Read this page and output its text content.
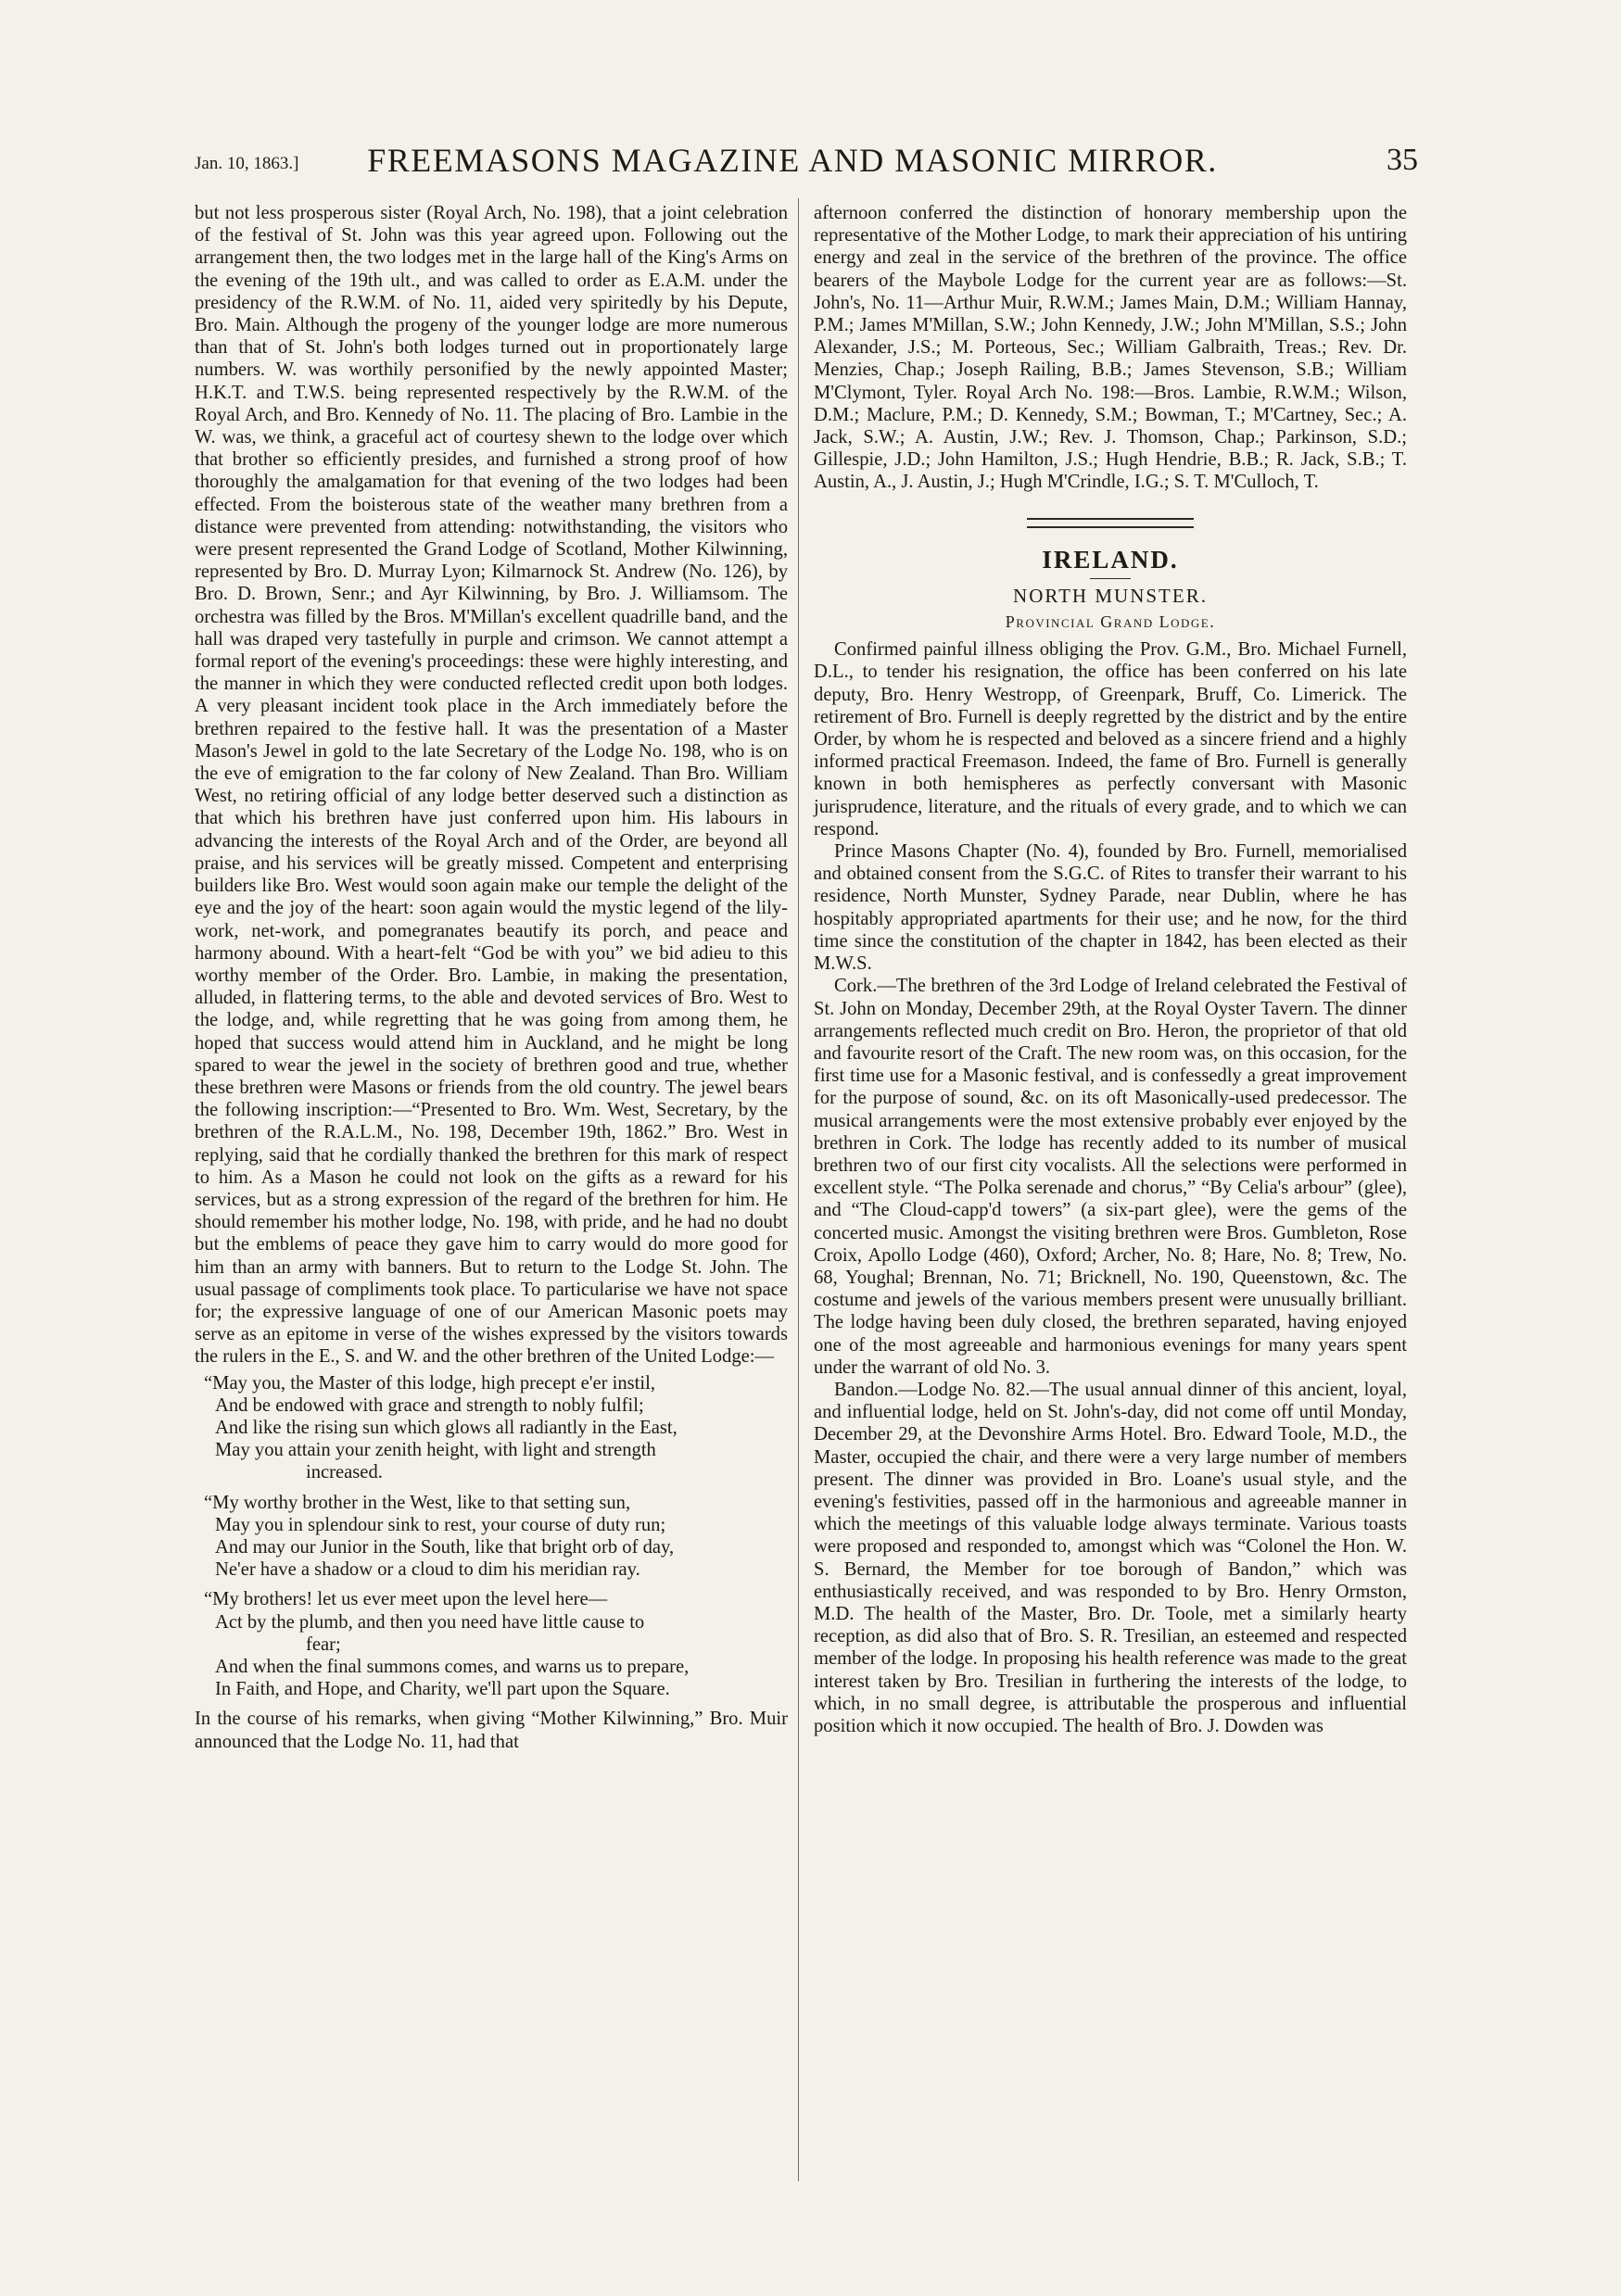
Jan. 10, 1863.]	FREEMASONS MAGAZINE AND MASONIC MIRROR.	35

but not less prosperous sister (Royal Arch, No. 198), that a joint celebration of the festival of St. John was this year agreed upon. Following out the arrangement then, the two lodges met in the large hall of the King's Arms on the evening of the 19th ult., and was called to order as E.A.M. under the presidency of the R.W.M. of No. 11, aided very spiritedly by his Depute, Bro. Main. Although the progeny of the younger lodge are more numerous than that of St. John's both lodges turned out in proportionately large numbers. W. was worthily personified by the newly appointed Master; H.K.T. and T.W.S. being represented respectively by the R.W.M. of the Royal Arch, and Bro. Kennedy of No. 11. The placing of Bro. Lambie in the W. was, we think, a graceful act of courtesy shewn to the lodge over which that brother so efficiently presides, and furnished a strong proof of how thoroughly the amalgamation for that evening of the two lodges had been effected. From the boisterous state of the weather many brethren from a distance were prevented from attending: notwithstanding, the visitors who were present represented the Grand Lodge of Scotland, Mother Kilwinning, represented by Bro. D. Murray Lyon; Kilmarnock St. Andrew (No. 126), by Bro. D. Brown, Senr.; and Ayr Kilwinning, by Bro. J. Williamsom. The orchestra was filled by the Bros. M'Millan's excellent quadrille band, and the hall was draped very tastefully in purple and crimson. We cannot attempt a formal report of the evening's proceedings: these were highly interesting, and the manner in which they were conducted reflected credit upon both lodges. A very pleasant incident took place in the Arch immediately before the brethren repaired to the festive hall. It was the presentation of a Master Mason's Jewel in gold to the late Secretary of the Lodge No. 198, who is on the eve of emigration to the far colony of New Zealand. Than Bro. William West, no retiring official of any lodge better deserved such a distinction as that which his brethren have just conferred upon him. His labours in advancing the interests of the Royal Arch and of the Order, are beyond all praise, and his services will be greatly missed. Competent and enterprising builders like Bro. West would soon again make our temple the delight of the eye and the joy of the heart: soon again would the mystic legend of the lily-work, net-work, and pomegranates beautify its porch, and peace and harmony abound. With a heart-felt “God be with you” we bid adieu to this worthy member of the Order. Bro. Lambie, in making the presentation, alluded, in flattering terms, to the able and devoted services of Bro. West to the lodge, and, while regretting that he was going from among them, he hoped that success would attend him in Auckland, and he might be long spared to wear the jewel in the society of brethren good and true, whether these brethren were Masons or friends from the old country. The jewel bears the following inscription:—“Presented to Bro. Wm. West, Secretary, by the brethren of the R.A.L.M., No. 198, December 19th, 1862.” Bro. West in replying, said that he cordially thanked the brethren for this mark of respect to him. As a Mason he could not look on the gifts as a reward for his services, but as a strong expression of the regard of the brethren for him. He should remember his mother lodge, No. 198, with pride, and he had no doubt but the emblems of peace they gave him to carry would do more good for him than an army with banners. But to return to the Lodge St. John. The usual passage of compliments took place. To particularise we have not space for; the expressive language of one of our American Masonic poets may serve as an epitome in verse of the wishes expressed by the visitors towards the rulers in the E., S. and W. and the other brethren of the United Lodge:—

“May you, the Master of this lodge, high precept e'er instil,
And be endowed with grace and strength to nobly fulfil;
And like the rising sun which glows all radiantly in the East,
May you attain your zenith height, with light and strength
increased.
“My worthy brother in the West, like to that setting sun,
May you in splendour sink to rest, your course of duty run;
And may our Junior in the South, like that bright orb of day,
Ne'er have a shadow or a cloud to dim his meridian ray.
“My brothers! let us ever meet upon the level here—
Act by the plumb, and then you need have little cause to
fear;
And when the final summons comes, and warns us to prepare,
In Faith, and Hope, and Charity, we'll part upon the Square.

In the course of his remarks, when giving “Mother Kilwinning,” Bro. Muir announced that the Lodge No. 11, had that

afternoon conferred the distinction of honorary membership upon the representative of the Mother Lodge, to mark their appreciation of his untiring energy and zeal in the service of the brethren of the province. The office bearers of the Maybole Lodge for the current year are as follows:—St. John's, No. 11—Arthur Muir, R.W.M.; James Main, D.M.; William Hannay, P.M.; James M'Millan, S.W.; John Kennedy, J.W.; John M'Millan, S.S.; John Alexander, J.S.; M. Porteous, Sec.; William Galbraith, Treas.; Rev. Dr. Menzies, Chap.; Joseph Railing, B.B.; James Stevenson, S.B.; William M'Clymont, Tyler. Royal Arch No. 198:—Bros. Lambie, R.W.M.; Wilson, D.M.; Maclure, P.M.; D. Kennedy, S.M.; Bowman, T.; M'Cartney, Sec.; A. Jack, S.W.; A. Austin, J.W.; Rev. J. Thomson, Chap.; Parkinson, S.D.; Gillespie, J.D.; John Hamilton, J.S.; Hugh Hendrie, B.B.; R. Jack, S.B.; T. Austin, A., J. Austin, J.; Hugh M'Crindle, I.G.; S. T. M'Culloch, T.

IRELAND.
NORTH MUNSTER.
Provincial Grand Lodge.

Confirmed painful illness obliging the Prov. G.M., Bro. Michael Furnell, D.L., to tender his resignation, the office has been conferred on his late deputy, Bro. Henry Westropp, of Greenpark, Bruff, Co. Limerick. The retirement of Bro. Furnell is deeply regretted by the district and by the entire Order, by whom he is respected and beloved as a sincere friend and a highly informed practical Freemason. Indeed, the fame of Bro. Furnell is generally known in both hemispheres as perfectly conversant with Masonic jurisprudence, literature, and the rituals of every grade, and to which we can respond.

Prince Masons Chapter (No. 4), founded by Bro. Furnell, memorialised and obtained consent from the S.G.C. of Rites to transfer their warrant to his residence, North Munster, Sydney Parade, near Dublin, where he has hospitably appropriated apartments for their use; and he now, for the third time since the constitution of the chapter in 1842, has been elected as their M.W.S.

Cork.—The brethren of the 3rd Lodge of Ireland celebrated the Festival of St. John on Monday, December 29th, at the Royal Oyster Tavern. The dinner arrangements reflected much credit on Bro. Heron, the proprietor of that old and favourite resort of the Craft. The new room was, on this occasion, for the first time use for a Masonic festival, and is confessedly a great improvement for the purpose of sound, &c. on its oft Masonically-used predecessor. The musical arrangements were the most extensive probably ever enjoyed by the brethren in Cork. The lodge has recently added to its number of musical brethren two of our first city vocalists. All the selections were performed in excellent style. “The Polka serenade and chorus,” “By Celia's arbour” (glee), and “The Cloud-capp'd towers” (a six-part glee), were the gems of the concerted music. Amongst the visiting brethren were Bros. Gumbleton, Rose Croix, Apollo Lodge (460), Oxford; Archer, No. 8; Hare, No. 8; Trew, No. 68, Youghal; Brennan, No. 71; Bricknell, No. 190, Queenstown, &c. The costume and jewels of the various members present were unusually brilliant. The lodge having been duly closed, the brethren separated, having enjoyed one of the most agreeable and harmonious evenings for many years spent under the warrant of old No. 3.

Bandon.—Lodge No. 82.—The usual annual dinner of this ancient, loyal, and influential lodge, held on St. John's-day, did not come off until Monday, December 29, at the Devonshire Arms Hotel. Bro. Edward Toole, M.D., the Master, occupied the chair, and there were a very large number of members present. The dinner was provided in Bro. Loane's usual style, and the evening's festivities, passed off in the harmonious and agreeable manner in which the meetings of this valuable lodge always terminate. Various toasts were proposed and responded to, amongst which was “Colonel the Hon. W. S. Bernard, the Member for toe borough of Bandon,” which was enthusiastically received, and was responded to by Bro. Henry Ormston, M.D. The health of the Master, Bro. Dr. Toole, met a similarly hearty reception, as did also that of Bro. S. R. Tresilian, an esteemed and respected member of the lodge. In proposing his health reference was made to the great interest taken by Bro. Tresilian in furthering the interests of the lodge, to which, in no small degree, is attributable the prosperous and influential position which it now occupied. The health of Bro. J. Dowden was
